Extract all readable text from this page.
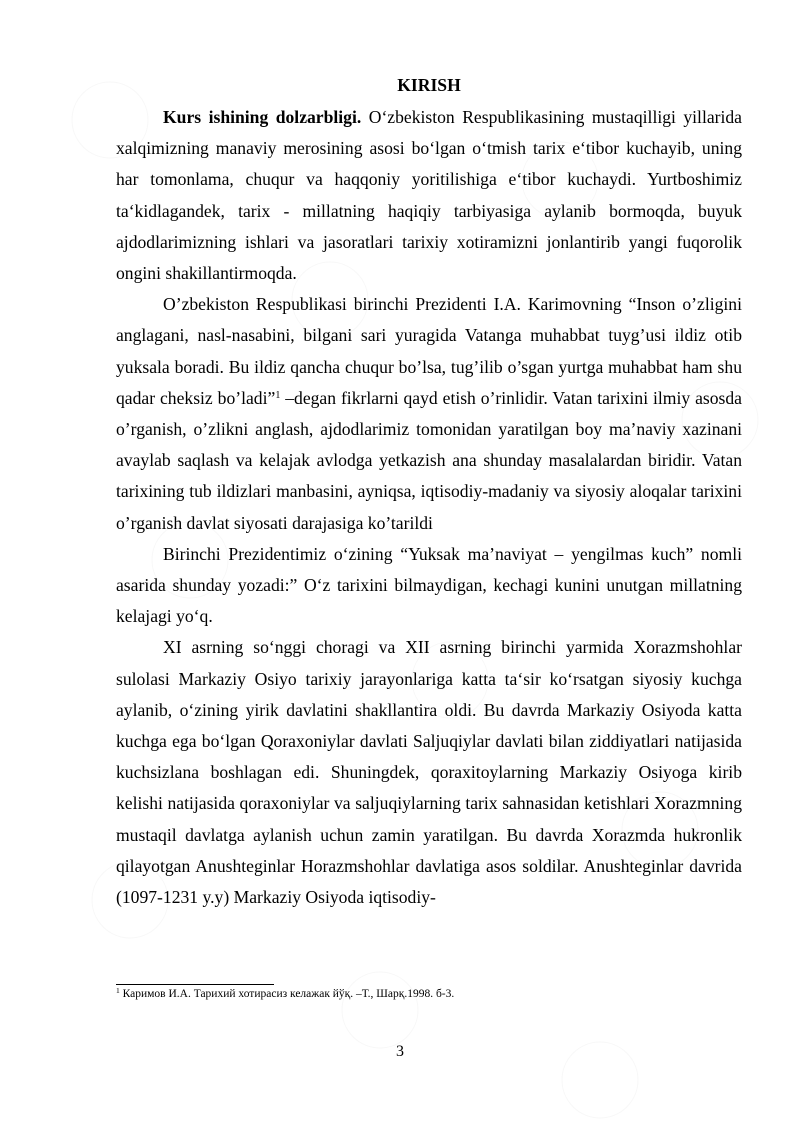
KIRISH

Kurs ishining dolzarbligi. O‘zbekiston Respublikasining mustaqilligi yillarida xalqimizning manaviy merosining asosi bo‘lgan o‘tmish tarix e‘tibor kuchayib, uning har tomonlama, chuqur va haqqoniy yoritilishiga e‘tibor kuchaydi. Yurtboshimiz ta‘kidlagandek, tarix - millatning haqiqiy tarbiyasiga aylanib bormoqda, buyuk ajdodlarimizning ishlari va jasoratlari tarixiy xotiramizni jonlantirib yangi fuqorolik ongini shakillantirmoqda.

O’zbekiston Respublikasi birinchi Prezidenti I.A. Karimovning “Inson o’zligini anglagani, nasl-nasabini, bilgani sari yuragida Vatanga muhabbat tuyg’usi ildiz otib yuksala boradi. Bu ildiz qancha chuqur bo’lsa, tug’ilib o’sgan yurtga muhabbat ham shu qadar cheksiz bo’ladi”$^1$ –degan fikrlarni qayd etish o’rinlidir. Vatan tarixini ilmiy asosda o’rganish, o’zlikni anglash, ajdodlarimiz tomonidan yaratilgan boy ma’naviy xazinani avaylab saqlash va kelajak avlodga yetkazish ana shunday masalalardan biridir. Vatan tarixining tub ildizlari manbasini, ayniqsa, iqtisodiy-madaniy va siyosiy aloqalar tarixini o’rganish davlat siyosati darajasiga ko’tarildi

Birinchi Prezidentimiz o‘zining “Yuksak ma’naviyat – yengilmas kuch” nomli asarida shunday yozadi:” O‘z tarixini bilmaydigan, kechagi kunini unutgan millatning kelajagi yo‘q.

XI asrning so‘nggi choragi va XII asrning birinchi yarmida Xorazmshohlar sulolasi Markaziy Osiyo tarixiy jarayonlariga katta ta‘sir ko‘rsatgan siyosiy kuchga aylanib, o‘zining yirik davlatini shakllantira oldi. Bu davrda Markaziy Osiyoda katta kuchga ega bo‘lgan Qoraxoniylar davlati Saljuqiylar davlati bilan ziddiyatlari natijasida kuchsizlana boshlagan edi. Shuningdek, qoraxitoylarning Markaziy Osiyoga kirib kelishi natijasida qoraxoniylar va saljuqiylarning tarix sahnasidan ketishlari Xorazmning mustaqil davlatga aylanish uchun zamin yaratilgan. Bu davrda Xorazmda hukronlik qilayotgan Anushteginlar Horazmshohlar davlatiga asos soldilar. Anushteginlar davrida (1097-1231 y.y) Markaziy Osiyoda iqtisodiy-

$^1$ Каримов И.А. Тарихий хотирасиз келажак йўқ. –Т., Шарқ.1998. б-3.
3
